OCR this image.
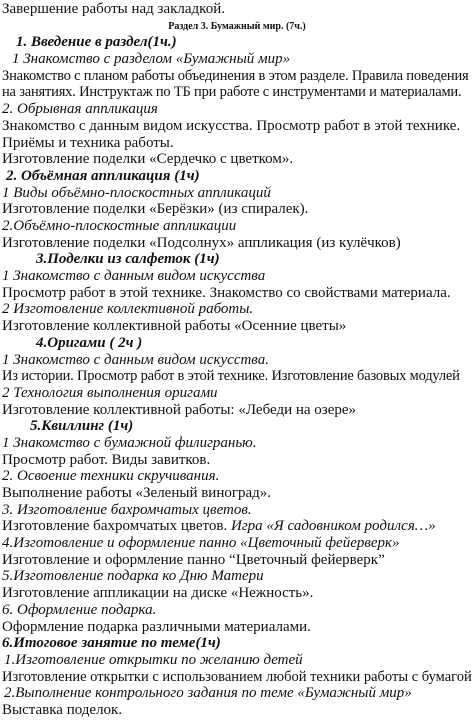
Завершение работы над закладкой.
Раздел 3. Бумажный мир. (7ч.)
1. Введение в раздел(1ч.)
1 Знакомство с разделом «Бумажный мир»
Знакомство с планом работы объединения в этом разделе. Правила поведения
на занятиях. Инструктаж по ТБ при работе с инструментами и материалами.
2. Обрывная аппликация
Знакомство с данным видом искусства. Просмотр работ в этой технике.
Приёмы и техника работы.
Изготовление поделки «Сердечко с цветком».
2. Объёмная аппликация (1ч)
1 Виды объёмно-плоскостных аппликаций
Изготовление поделки «Берёзки» (из спиралек).
2.Объёмно-плоскостные аппликации
Изготовление поделки «Подсолнух» аппликация (из кулёчков)
3.Поделки из салфеток (1ч)
1 Знакомство с данным видом искусства
Просмотр работ в этой технике. Знакомство со свойствами материала.
2 Изготовление коллективной работы.
Изготовление коллективной работы «Осенние цветы»
4.Оригами ( 2ч )
1 Знакомство с данным видом искусства.
Из истории. Просмотр работ в этой технике. Изготовление базовых модулей
2 Технология выполнения оригами
Изготовление коллективной работы: «Лебеди на озере»
5.Квиллинг (1ч)
1 Знакомство с бумажной филигранью.
Просмотр работ. Виды завитков.
2. Освоение техники скручивания.
Выполнение работы «Зеленый виноград».
3. Изготовление бахромчатых цветов.
Изготовление бахромчатых цветов. Игра «Я садовником родился…»
4.Изготовление и оформление панно «Цветочный фейерверк»
Изготовление и оформление панно “Цветочный фейерверк”
5.Изготовление подарка ко Дню Матери
Изготовление аппликации на диске «Нежность».
6. Оформление подарка.
Оформление подарка различными материалами.
6.Итоговое занятие по теме(1ч)
1.Изготовление открытки по желанию детей
Изготовление открытки с использованием любой техники работы с бумагой
2.Выполнение контрольного задания по теме «Бумажный мир»
Выставка поделок.
